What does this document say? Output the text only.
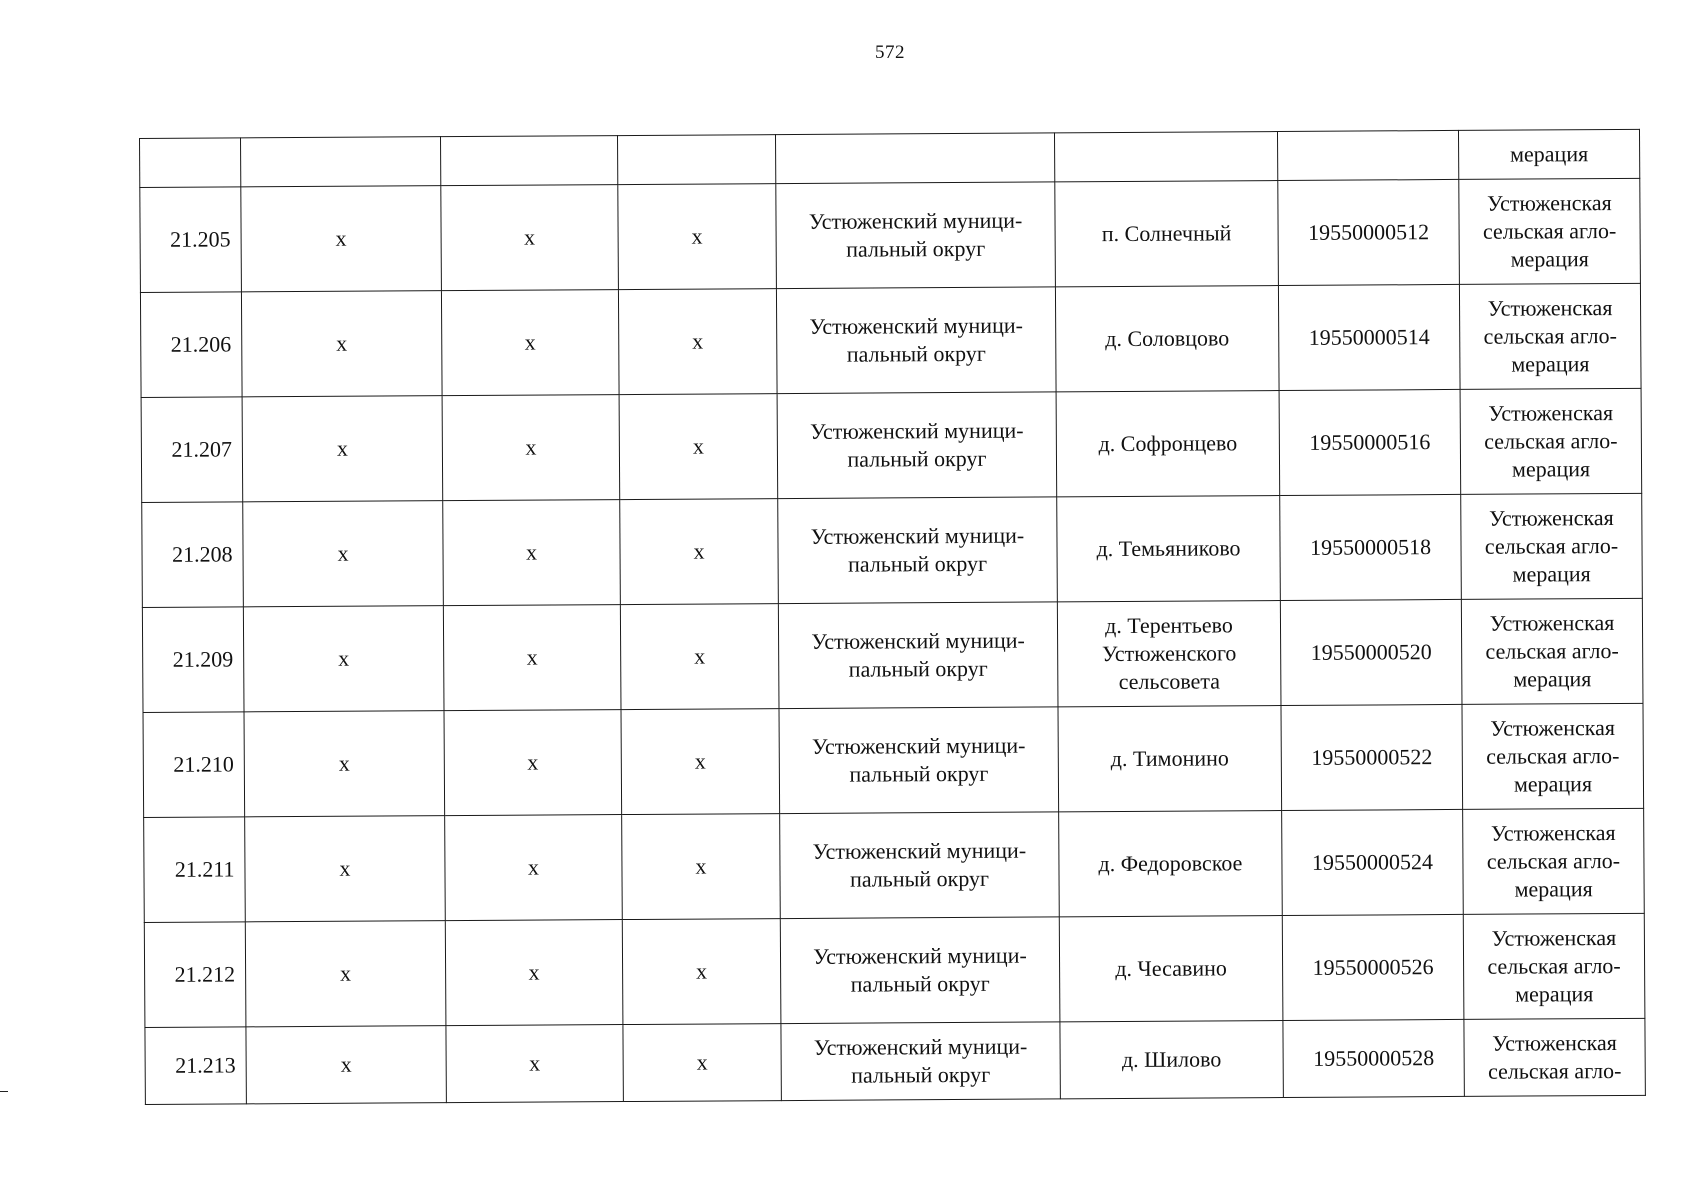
572
							мерация
21.205	х	х	х	Устюженский муници-
пальный округ	п. Солнечный	19550000512	Устюженская
сельская агло-
мерация

21.206	х	х	х	Устюженский муници-
пальный округ	д. Соловцово	19550000514	Устюженская
сельская агло-
мерация

21.207	х	х	х	Устюженский муници-
пальный округ	д. Софронцево	19550000516	Устюженская
сельская агло-
мерация

21.208	х	х	х	Устюженский муници-
пальный округ	д. Темьяниково	19550000518	Устюженская
сельская агло-
мерация

21.209	х	х	х	Устюженский муници-
пальный округ	д. Терентьево
Устюженского
сельсовета	19550000520	Устюженская
сельская агло-
мерация

21.210	х	х	х	Устюженский муници-
пальный округ	д. Тимонино	19550000522	Устюженская
сельская агло-
мерация

21.211	х	х	х	Устюженский муници-
пальный округ	д. Федоровское	19550000524	Устюженская
сельская агло-
мерация

21.212	х	х	х	Устюженский муници-
пальный округ	д. Чесавино	19550000526	Устюженская
сельская агло-
мерация

21.213	х	х	х	Устюженский муници-
пальный округ	д. Шилово	19550000528	Устюженская
сельская агло-
